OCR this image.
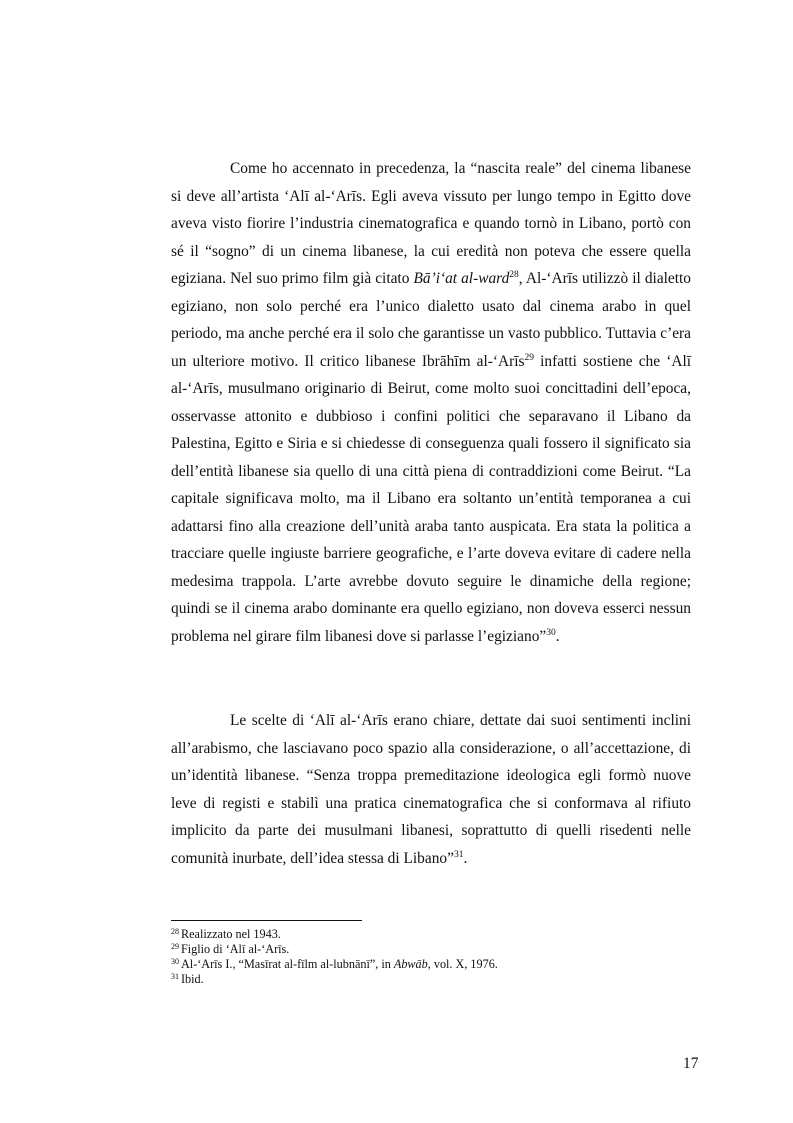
Come ho accennato in precedenza, la “nascita reale” del cinema libanese si deve all’artista ‘Alī al-‘Arīs. Egli aveva vissuto per lungo tempo in Egitto dove aveva visto fiorire l’industria cinematografica e quando tornò in Libano, portò con sé il “sogno” di un cinema libanese, la cui eredità non poteva che essere quella egiziana. Nel suo primo film già citato Bā’i‘at al-ward$^{28}$, Al-‘Arīs utilizzò il dialetto egiziano, non solo perché era l’unico dialetto usato dal cinema arabo in quel periodo, ma anche perché era il solo che garantisse un vasto pubblico. Tuttavia c’era un ulteriore motivo. Il critico libanese Ibrāhīm al-‘Arīs$^{29}$ infatti sostiene che ‘Alī al-‘Arīs, musulmano originario di Beirut, come molto suoi concittadini dell’epoca, osservasse attonito e dubbioso i confini politici che separavano il Libano da Palestina, Egitto e Siria e si chiedesse di conseguenza quali fossero il significato sia dell’entità libanese sia quello di una città piena di contraddizioni come Beirut. “La capitale significava molto, ma il Libano era soltanto un’entità temporanea a cui adattarsi fino alla creazione dell’unità araba tanto auspicata. Era stata la politica a tracciare quelle ingiuste barriere geografiche, e l’arte doveva evitare di cadere nella medesima trappola. L’arte avrebbe dovuto seguire le dinamiche della regione; quindi se il cinema arabo dominante era quello egiziano, non doveva esserci nessun problema nel girare film libanesi dove si parlasse l’egiziano”$^{30}$.

Le scelte di ‘Alī al-‘Arīs erano chiare, dettate dai suoi sentimenti inclini all’arabismo, che lasciavano poco spazio alla considerazione, o all’accettazione, di un’identità libanese. “Senza troppa premeditazione ideologica egli formò nuove leve di registi e stabilì una pratica cinematografica che si conformava al rifiuto implicito da parte dei musulmani libanesi, soprattutto di quelli risedenti nelle comunità inurbate, dell’idea stessa di Libano”$^{31}$.

$^{28}$ Realizzato nel 1943.
$^{29}$ Figlio di ‘Alī al-‘Arīs.
$^{30}$ Al-‘Arīs I., “Masīrat al-fīlm al-lubnānī”, in Abwāb, vol. X, 1976.
$^{31}$ Ibid.
17
